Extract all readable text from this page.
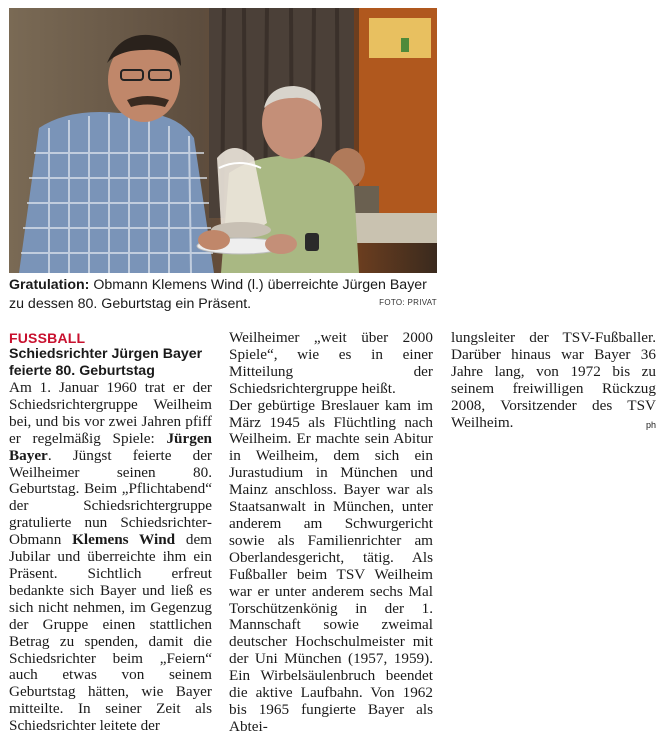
Gratulation: Obmann Klemens Wind (l.) überreichte Jürgen Bayer zu dessen 80. Geburtstag ein Präsent.	FOTO: PRIVAT
FUSSBALL
Schiedsrichter Jürgen Bayer feierte 80. Geburtstag

Am 1. Januar 1960 trat er der Schiedsrichtergruppe Weilheim bei, und bis vor zwei Jahren pfiff er regelmäßig Spiele: Jürgen Bayer. Jüngst feierte der Weilheimer seinen 80. Geburtstag. Beim „Pflichtabend“ der Schiedsrichtergruppe gratulierte nun Schiedsrichter-Obmann Klemens Wind dem Jubilar und überreichte ihm ein Präsent. Sichtlich erfreut bedankte sich Bayer und ließ es sich nicht nehmen, im Gegenzug der Gruppe einen stattlichen Betrag zu spenden, damit die Schiedsrichter beim „Feiern“ auch etwas von seinem Geburtstag hätten, wie Bayer mitteilte. In seiner Zeit als Schiedsrichter leitete der

Weilheimer „weit über 2000 Spiele“, wie es in einer Mitteilung der Schiedsrichtergruppe heißt.

Der gebürtige Breslauer kam im März 1945 als Flüchtling nach Weilheim. Er machte sein Abitur in Weilheim, dem sich ein Jurastudium in München und Mainz anschloss. Bayer war als Staatsanwalt in München, unter anderem am Schwurgericht sowie als Familienrichter am Oberlandesgericht, tätig. Als Fußballer beim TSV Weilheim war er unter anderem sechs Mal Torschützenkönig in der 1. Mannschaft sowie zweimal deutscher Hochschulmeister mit der Uni München (1957, 1959). Ein Wirbelsäulenbruch beendet die aktive Laufbahn. Von 1962 bis 1965 fungierte Bayer als Abtei-

lungsleiter der TSV-Fußballer. Darüber hinaus war Bayer 36 Jahre lang, von 1972 bis zu seinem freiwilligen Rückzug 2008, Vorsitzender des TSV Weilheim.	ph
